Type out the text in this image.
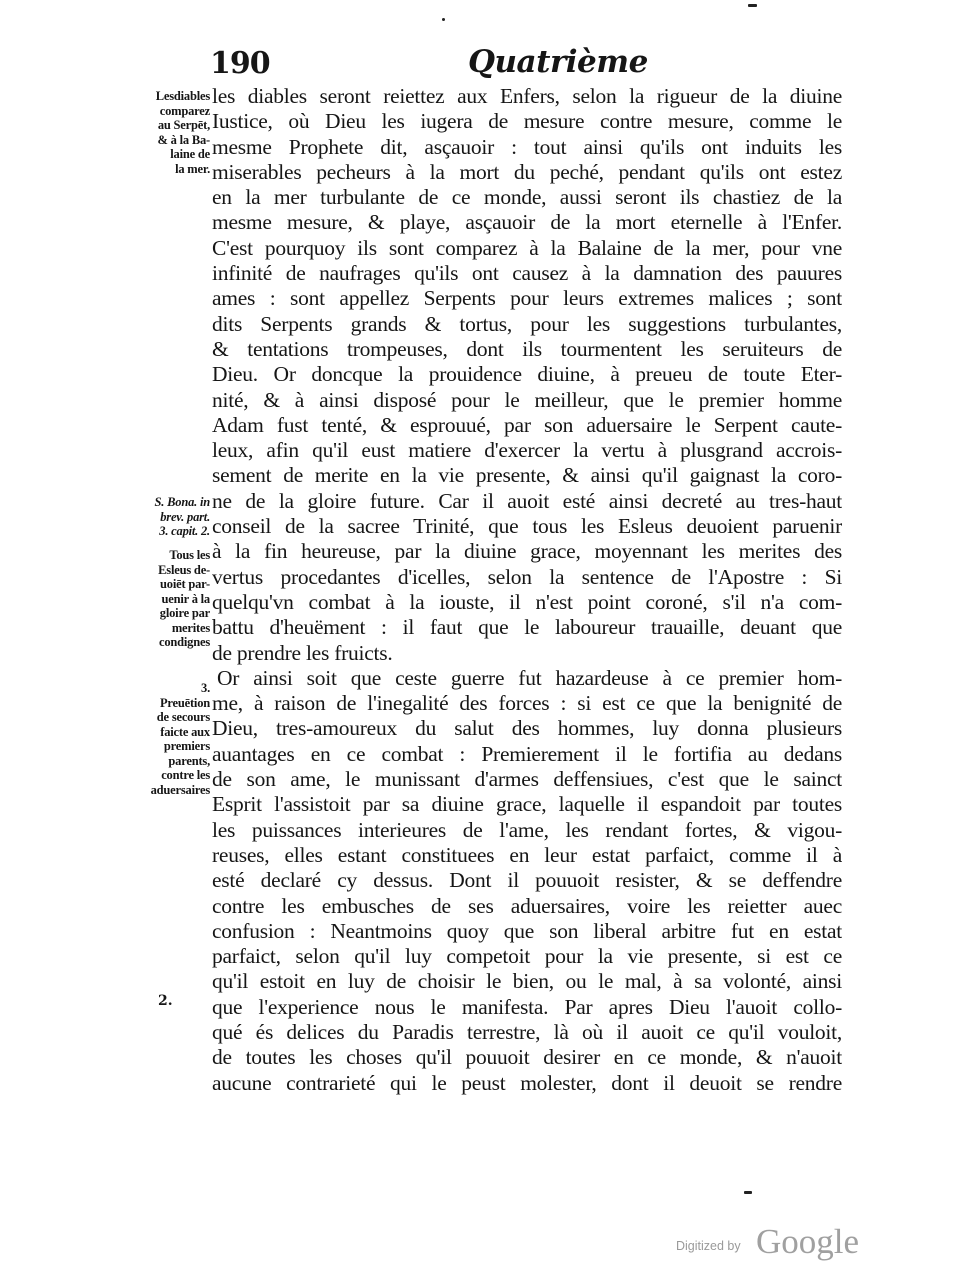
190	Quatrième
Lesdiables
comparez
au Serpēt,
& à la Ba-
laine de
la mer.
S. Bona. in
brev. part.
3. capit. 2.
Tous les
Esleus de-
uoiēt par-
uenir à la
gloire par
merites
condignes
3.
Preuētion
de secours
faicte aux
premiers
parents,
contre les
aduersaires
2.
les diables seront reiettez aux Enfers, selon la rigueur de la diuine
Iustice, où Dieu les iugera de mesure contre mesure, comme le
mesme Prophete dit, asçauoir : tout ainsi qu'ils ont induits les
miserables pecheurs à la mort du peché, pendant qu'ils ont estez
en la mer turbulante de ce monde, aussi seront ils chastiez de la
mesme mesure, & playe, asçauoir de la mort eternelle à l'Enfer.
C'est pourquoy ils sont comparez à la Balaine de la mer, pour vne
infinité de naufrages qu'ils ont causez à la damnation des pauures
ames : sont appellez Serpents pour leurs extremes malices ; sont
dits Serpents grands & tortus, pour les suggestions turbulantes,
& tentations trompeuses, dont ils tourmentent les seruiteurs de
Dieu. Or doncque la prouidence diuine, à preueu de toute Eter-
nité, & à ainsi disposé pour le meilleur, que le premier homme
Adam fust tenté, & esprouué, par son aduersaire le Serpent caute-
leux, afin qu'il eust matiere d'exercer la vertu à plusgrand accrois-
sement de merite en la vie presente, & ainsi qu'il gaignast la coro-
ne de la gloire future. Car il auoit esté ainsi decreté au tres-haut
conseil de la sacree Trinité, que tous les Esleus deuoient paruenir
à la fin heureuse, par la diuine grace, moyennant les merites des
vertus procedantes d'icelles, selon la sentence de l'Apostre : Si
quelqu'vn combat à la iouste, il n'est point coroné, s'il n'a com-
battu d'heuëment : il faut que le laboureur trauaille, deuant que
de prendre les fruicts.
Or ainsi soit que ceste guerre fut hazardeuse à ce premier hom-
me, à raison de l'inegalité des forces : si est ce que la benignité de
Dieu, tres-amoureux du salut des hommes, luy donna plusieurs
auantages en ce combat : Premierement il le fortifia au dedans
de son ame, le munissant d'armes deffensiues, c'est que le sainct
Esprit l'assistoit par sa diuine grace, laquelle il espandoit par toutes
les puissances interieures de l'ame, les rendant fortes, & vigou-
reuses, elles estant constituees en leur estat parfaict, comme il à
esté declaré cy dessus. Dont il pouuoit resister, & se deffendre
contre les embusches de ses aduersaires, voire les reietter auec
confusion : Neantmoins quoy que son liberal arbitre fut en estat
parfaict, selon qu'il luy competoit pour la vie presente, si est ce
qu'il estoit en luy de choisir le bien, ou le mal, à sa volonté, ainsi
que l'experience nous le manifesta. Par apres Dieu l'auoit collo-
qué és delices du Paradis terrestre, là où il auoit ce qu'il vouloit,
de toutes les choses qu'il pouuoit desirer en ce monde, & n'auoit
aucune contrarieté qui le peust molester, dont il deuoit se rendre
Digitized by Google
